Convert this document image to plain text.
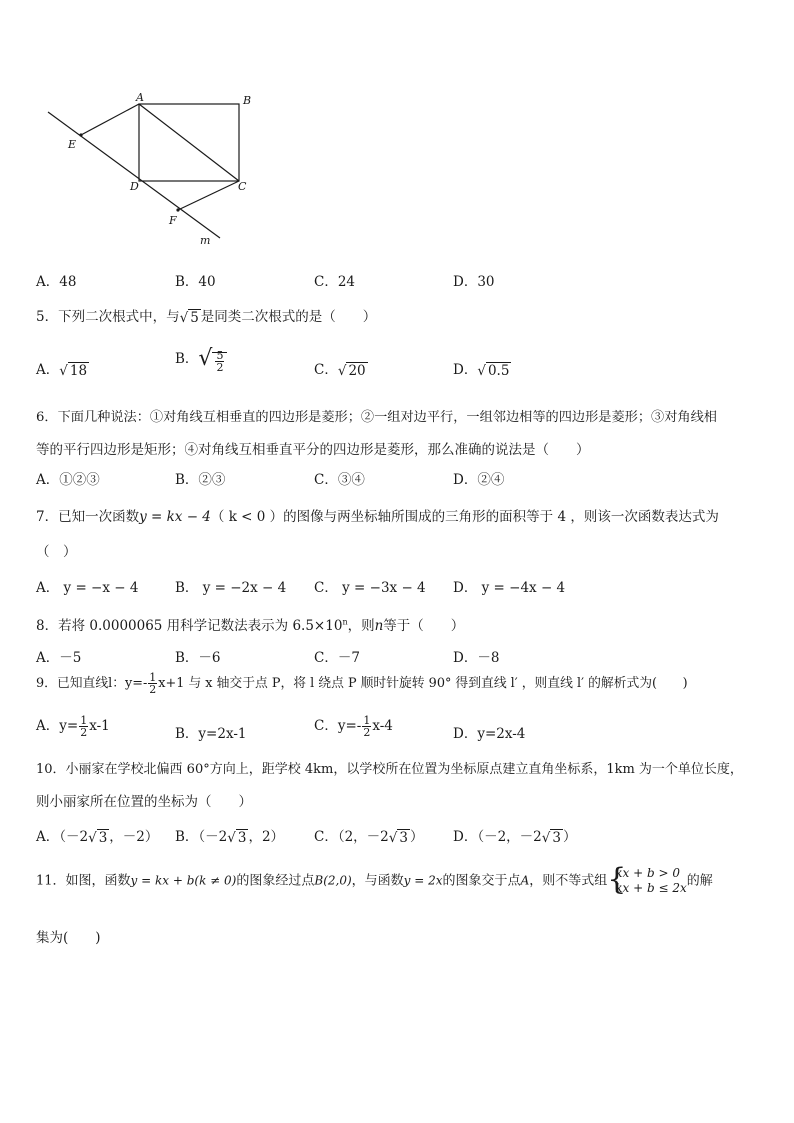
A	B
E
D	C
F
m
A．48	B．40	C．24	D．30
5．下列二次根式中，与√ 5 是同类二次根式的是（　　）
A．√ 18
B．√ $\frac{5}{2}$	C．√ 20	D．√ 0.5
6．下面几种说法：①对角线互相垂直的四边形是菱形；②一组对边平行，一组邻边相等的四边形是菱形；③对角线相
等的平行四边形是矩形；④对角线互相垂直平分的四边形是菱形，那么准确的说法是（　　）
A．①②③	B．②③	C．③④	D．②④
7．已知一次函数y = kx − 4（ k < 0 ）的图像与两坐标轴所围成的三角形的面积等于 4 ，则该一次函数表达式为
（　）
A． y = −x − 4	B． y = −2x − 4 C． y = −3x − 4 D． y = −4x − 4
8．若将 0.0000065 用科学记数法表示为 $6.5\times 10^n$，则n等于（　　）
A．－5	B．－6	C．－7	D．－8
9．已知直线l：$y=- \frac{1}{2} x+1$ 与 x 轴交于点 P，将 l 绕点 P 顺时针旋转 90° 得到直线 l′ ，则直线 l′ 的解析式为(　　)
A．$y= \frac{1}{2} x-1$	B．y=2x-1	C．$y=- \frac{1}{2} x-4$	D．y=2x-4
10．小丽家在学校北偏西 60°方向上，距学校 4km，以学校所在位置为坐标原点建立直角坐标系，1km 为一个单位长度，
则小丽家所在位置的坐标为（　　）
A．（－2√ 3 ，－2） B．（－2√ 3 ，2） C．（2，－2√ 3 ） D．（－2，－2√ 3 ）
11．如图，函数y = kx + b(k ≠ 0)的图象经过点B(2,0)，与函数y = 2x的图象交于点A，则不等式组 {
kx + b > 0
kx + b ≤ 2x 的解
集为(　　)
